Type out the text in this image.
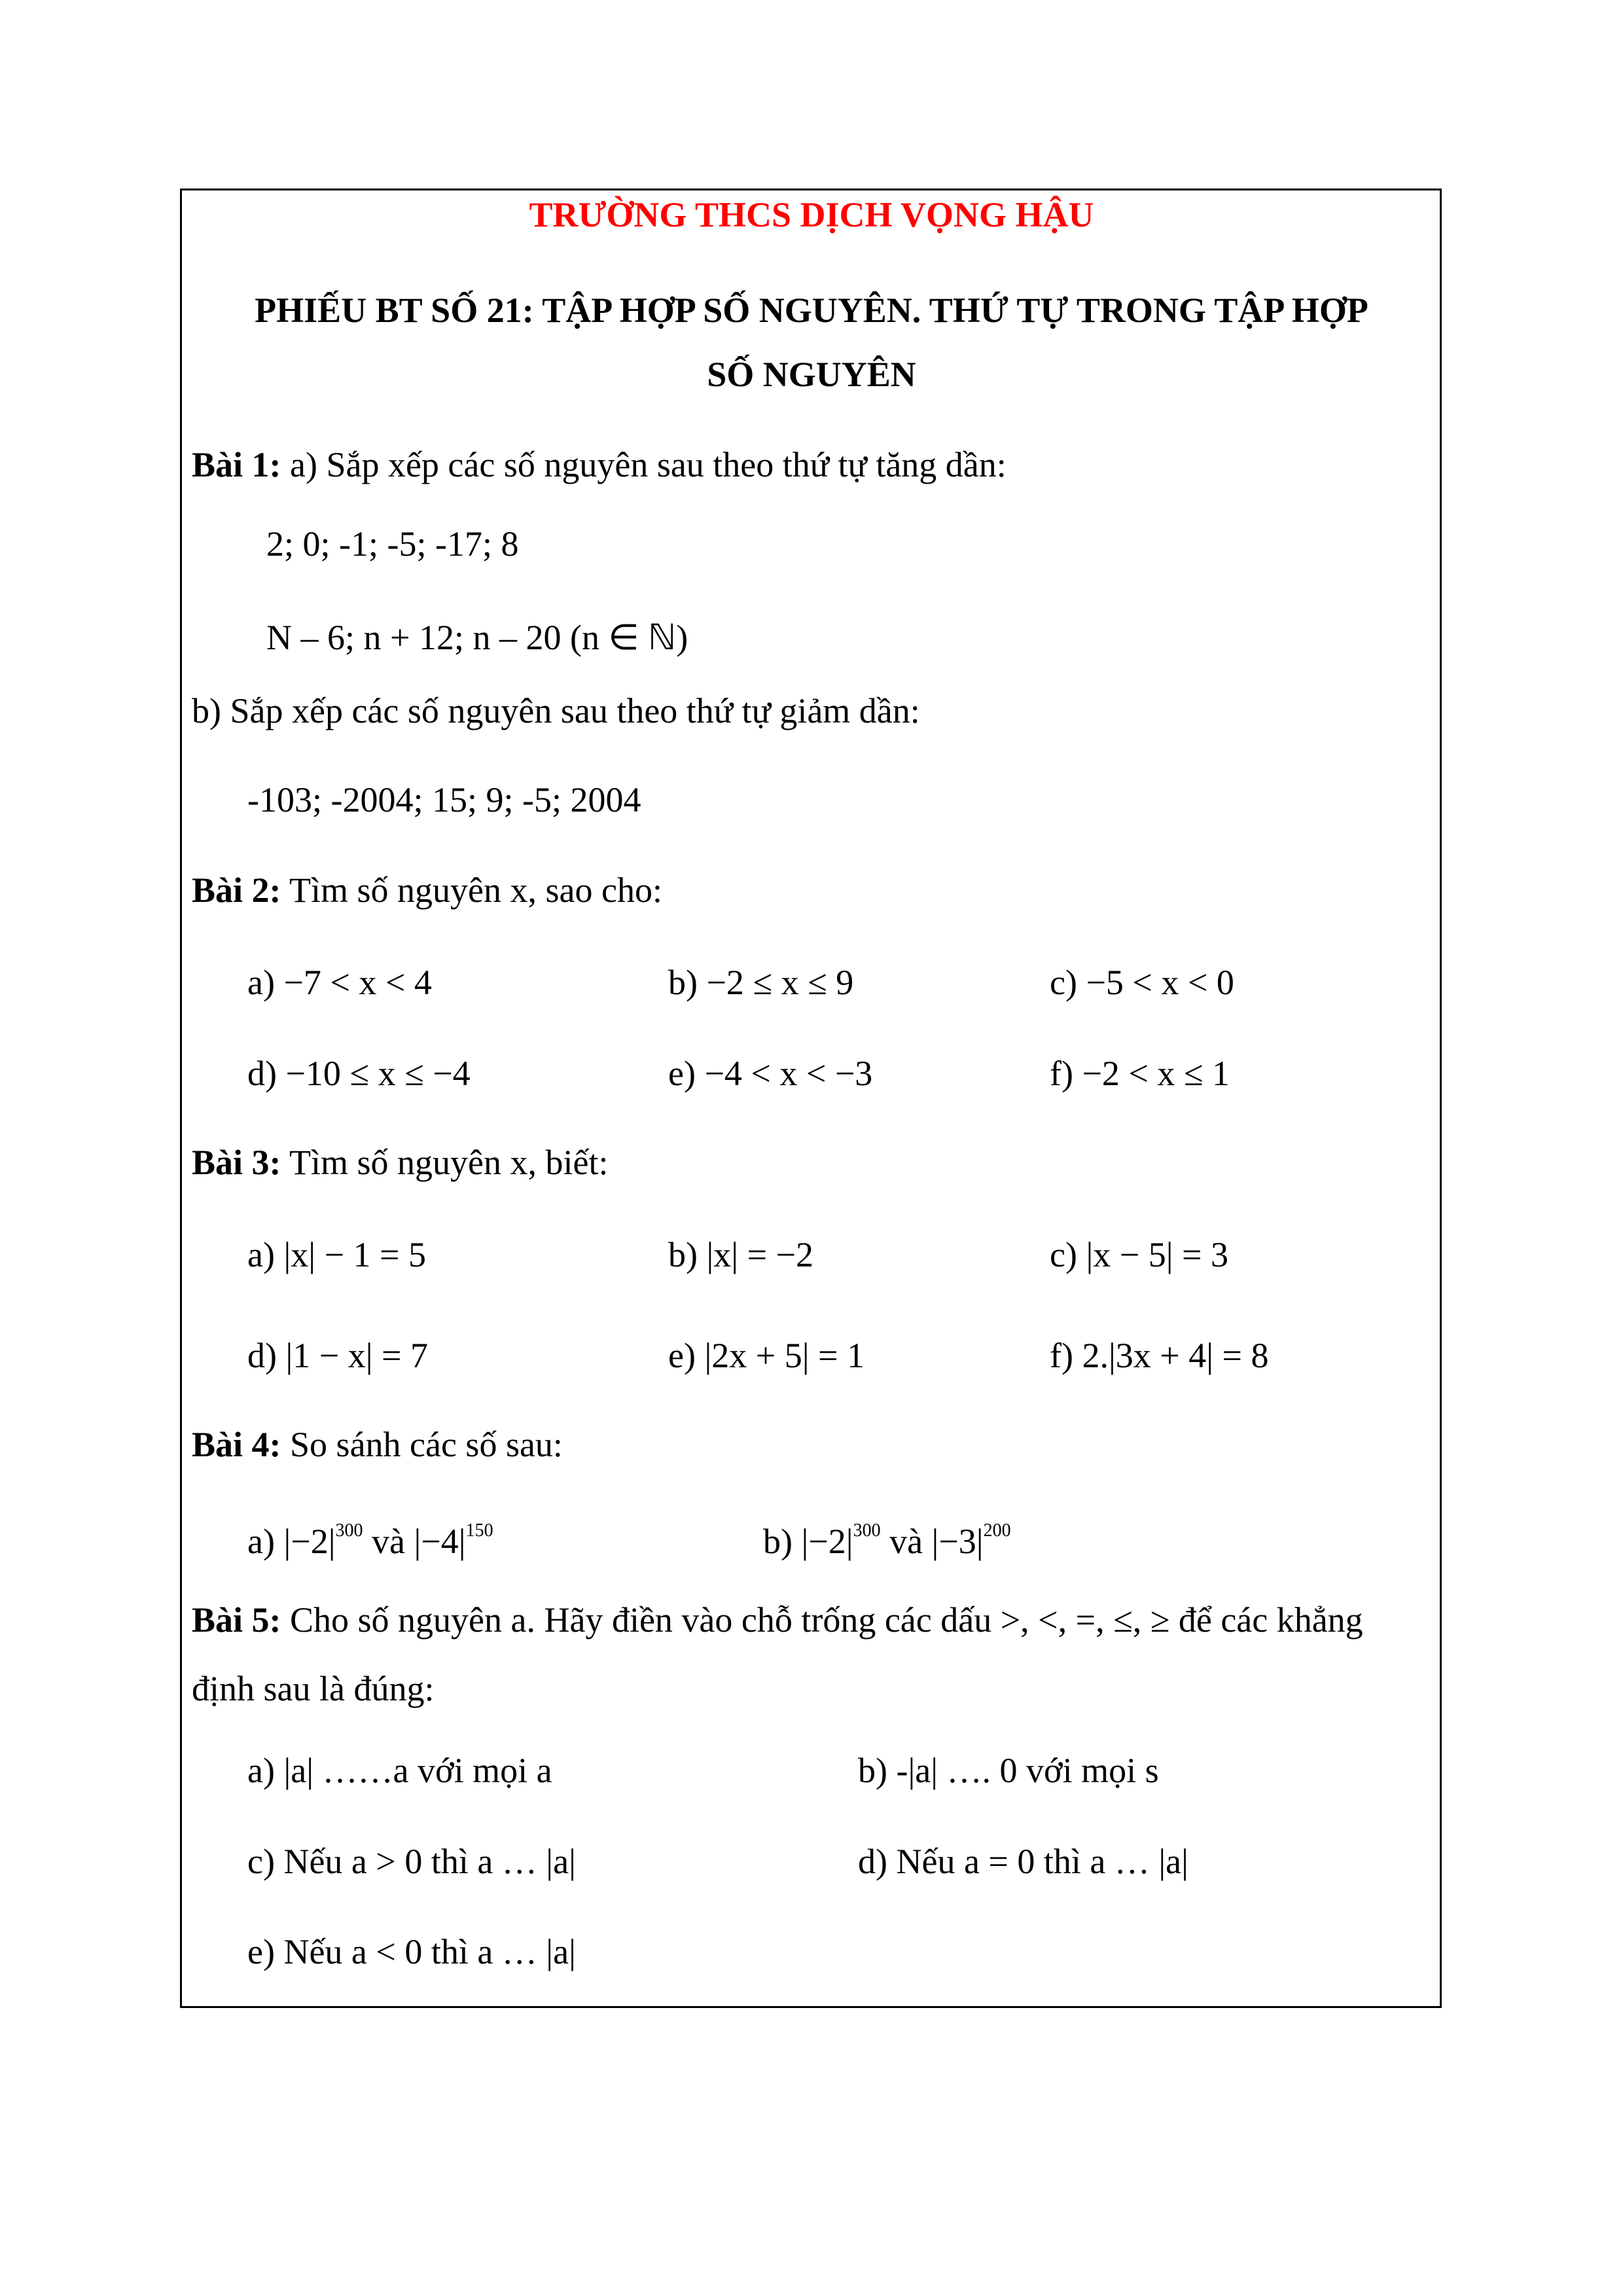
TRƯỜNG THCS DỊCH VỌNG HẬU
PHIẾU BT SỐ 21: TẬP HỢP SỐ NGUYÊN. THỨ TỰ TRONG TẬP HỢP
SỐ NGUYÊN
Bài 1: a) Sắp xếp các số nguyên sau theo thứ tự tăng dần:
2; 0; -1; -5; -17; 8
N – 6; n + 12; n – 20 (n ∈ ℕ)
b) Sắp xếp các số nguyên sau theo thứ tự giảm dần:
-103; -2004; 15; 9; -5; 2004
Bài 2: Tìm số nguyên x, sao cho:
a) −7 < x < 4	b) −2 ≤ x ≤ 9	c) −5 < x < 0
d) −10 ≤ x ≤ −4	e) −4 < x < −3	f) −2 < x ≤ 1
Bài 3: Tìm số nguyên x, biết:
a) |x| − 1 = 5	b) |x| = −2	c) |x − 5| = 3
d) |1 − x| = 7	e) |2x + 5| = 1	f) 2.|3x + 4| = 8
Bài 4: So sánh các số sau:
a) $|-2|^{300}$ và $|-4|^{150}$	b) $|-2|^{300}$ và $|-3|^{200}$
Bài 5: Cho số nguyên a. Hãy điền vào chỗ trống các dấu >, <, =, ≤, ≥ để các khẳng
định sau là đúng:
a) |a| ……a với mọi a	b) -|a| …. 0 với mọi s
c) Nếu a > 0 thì a … |a|	d) Nếu a = 0 thì a … |a|
e) Nếu a < 0 thì a … |a|
